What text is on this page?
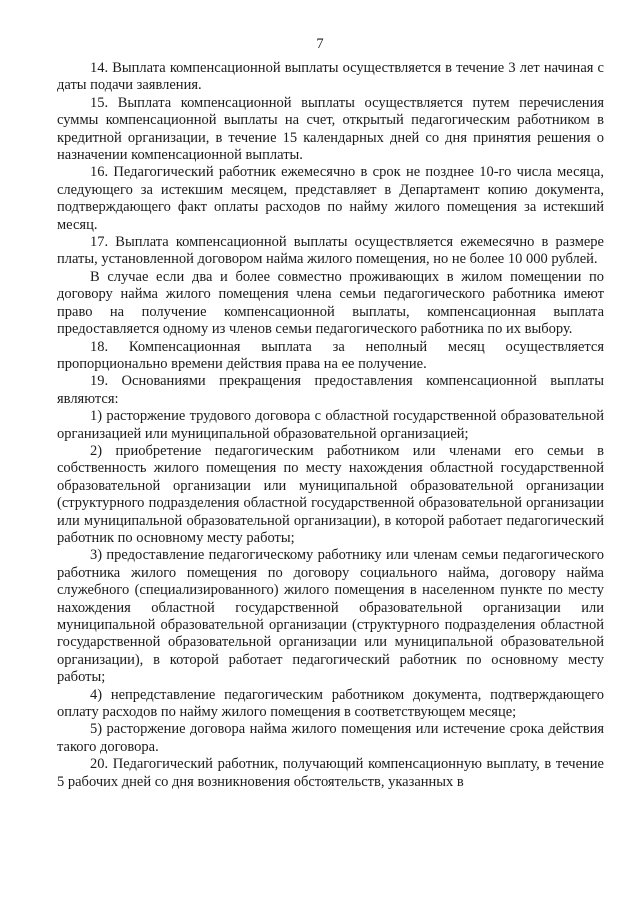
7

14. Выплата компенсационной выплаты осуществляется в течение 3 лет начиная с даты подачи заявления.

15. Выплата компенсационной выплаты осуществляется путем перечисления суммы компенсационной выплаты на счет, открытый педагогическим работником в кредитной организации, в течение 15 календарных дней со дня принятия решения о назначении компенсационной выплаты.

16. Педагогический работник ежемесячно в срок не позднее 10-го числа месяца, следующего за истекшим месяцем, представляет в Департамент копию документа, подтверждающего факт оплаты расходов по найму жилого помещения за истекший месяц.

17. Выплата компенсационной выплаты осуществляется ежемесячно в размере платы, установленной договором найма жилого помещения, но не более 10 000 рублей.

В случае если два и более совместно проживающих в жилом помещении по договору найма жилого помещения члена семьи педагогического работника имеют право на получение компенсационной выплаты, компенсационная выплата предоставляется одному из членов семьи педагогического работника по их выбору.

18. Компенсационная выплата за неполный месяц осуществляется пропорционально времени действия права на ее получение.

19. Основаниями прекращения предоставления компенсационной выплаты являются:

1) расторжение трудового договора с областной государственной образовательной организацией или муниципальной образовательной организацией;

2) приобретение педагогическим работником или членами его семьи в собственность жилого помещения по месту нахождения областной государственной образовательной организации или муниципальной образовательной организации (структурного подразделения областной государственной образовательной организации или муниципальной образовательной организации), в которой работает педагогический работник по основному месту работы;

3) предоставление педагогическому работнику или членам семьи педагогического работника жилого помещения по договору социального найма, договору найма служебного (специализированного) жилого помещения в населенном пункте по месту нахождения областной государственной образовательной организации или муниципальной образовательной организации (структурного подразделения областной государственной образовательной организации или муниципальной образовательной организации), в которой работает педагогический работник по основному месту работы;

4) непредставление педагогическим работником документа, подтверждающего оплату расходов по найму жилого помещения в соответствующем месяце;

5) расторжение договора найма жилого помещения или истечение срока действия такого договора.

20. Педагогический работник, получающий компенсационную выплату, в течение 5 рабочих дней со дня возникновения обстоятельств, указанных в
